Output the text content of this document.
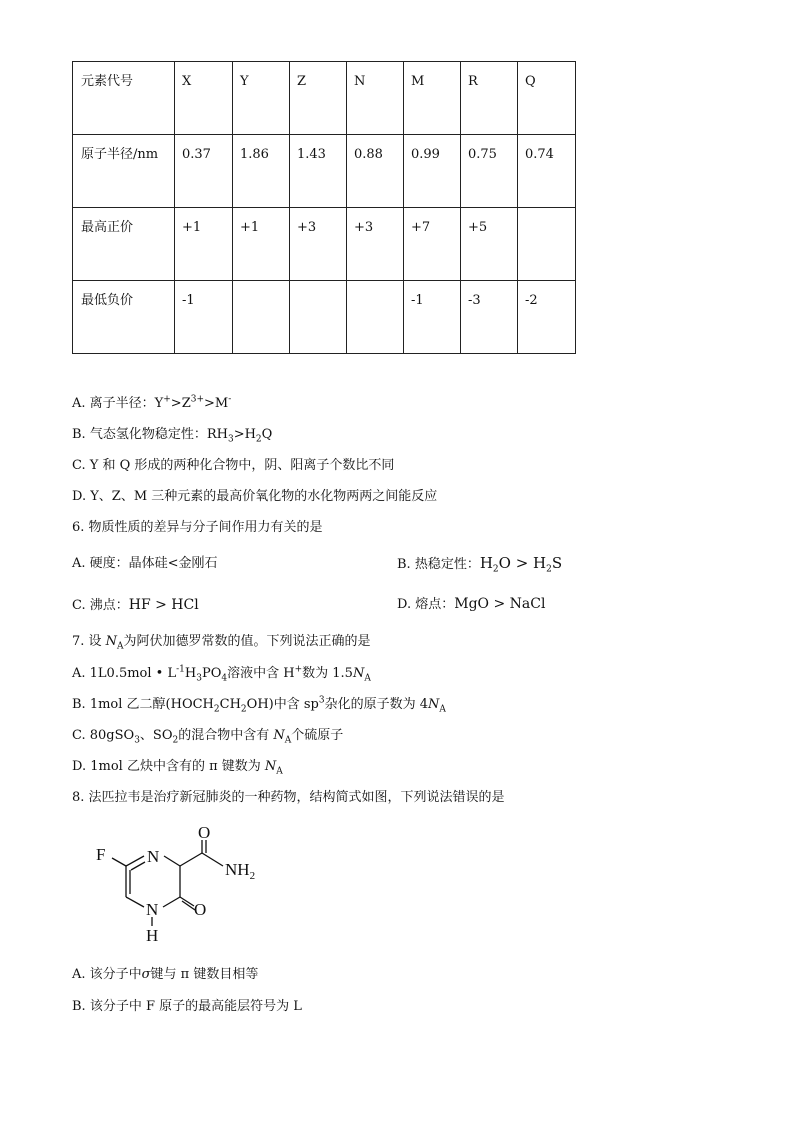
元素代号	X	Y	Z	N	M	R	Q
原子半径/nm	0.37	1.86	1.43	0.88	0.99	0.75	0.74
最高正价	+1	+1	+3	+3	+7	+5	
最低负价	-1				-1	-3	-2
A. 离子半径：$Y^+>Z^{3+}>M^-$
B. 气态氢化物稳定性：$RH_3>H_2Q$
C. Y 和 Q 形成的两种化合物中，阴、阳离子个数比不同
D. Y、Z、M 三种元素的最高价氧化物的水化物两两之间能反应
6. 物质性质的差异与分子间作用力有关的是
A. 硬度：晶体硅<金刚石	B. 热稳定性：$H_2O > H_2S$
C. 沸点：HF > HCl	D. 熔点：MgO > NaCl
7. 设 $N_A$为阿伏加德罗常数的值。下列说法正确的是
A. 1L0.5mol • $L^{-1}H_3PO_4$溶液中含 H+数为 $1.5N_A$
B. 1mol 乙二醇$(HOCH_2CH_2OH)$中含 $sp^3$杂化的原子数为 $4N_A$
C. 80gSO$_3$、$SO_2$的混合物中含有 $N_A$个硫原子
D. 1mol 乙炔中含有的 π 键数为 $N_A$
8. 法匹拉韦是治疗新冠肺炎的一种药物，结构简式如图，下列说法错误的是
F N
O
$NH_2$
O
N
H
A. 该分子中σ键与 π 键数目相等
B. 该分子中 F 原子的最高能层符号为 L
